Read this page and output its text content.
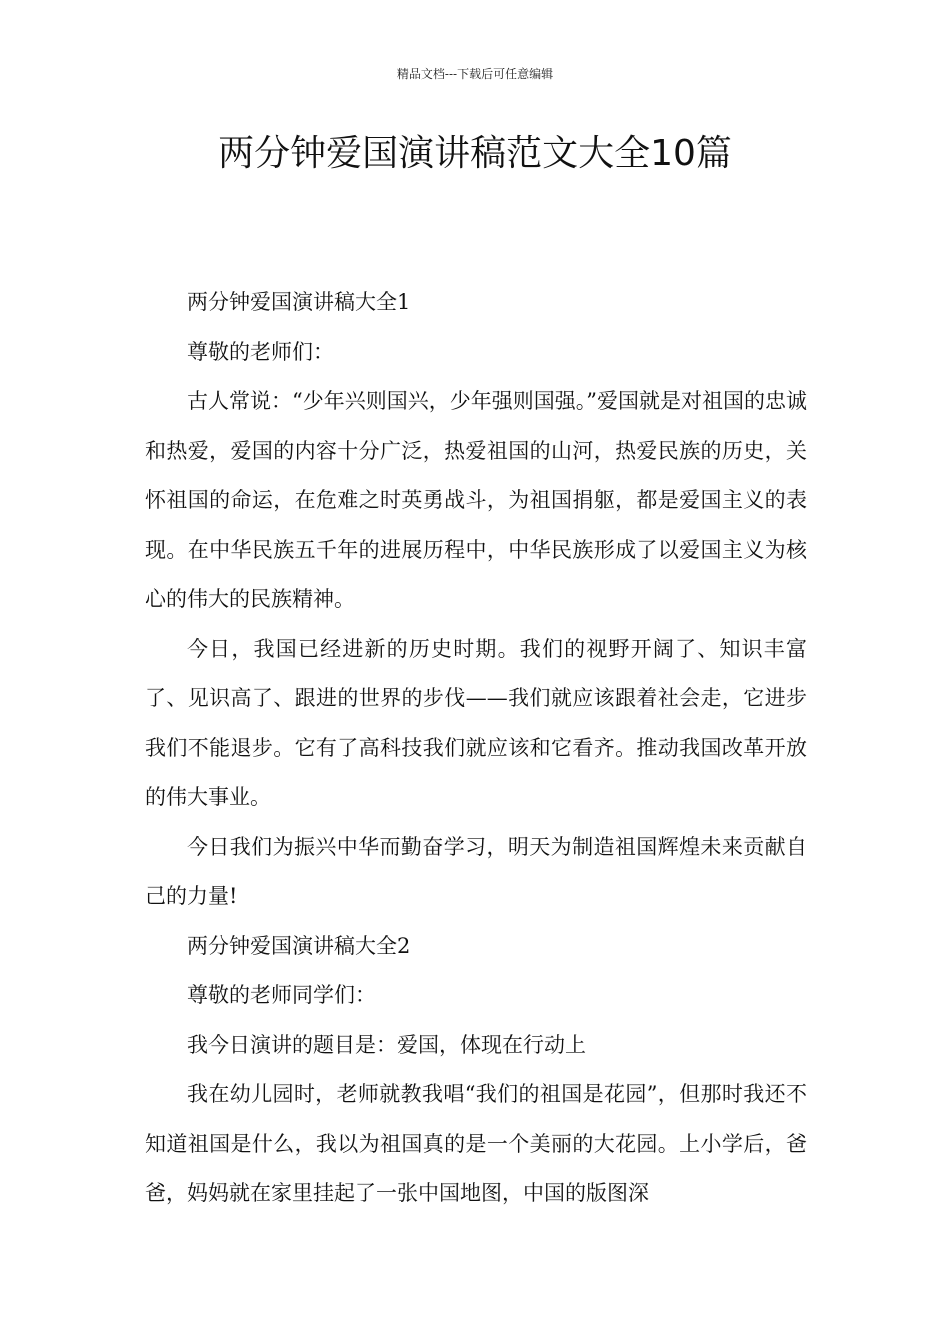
精品文档---下载后可任意编辑
两分钟爱国演讲稿范文大全10篇

两分钟爱国演讲稿大全1

尊敬的老师们：

古人常说：“少年兴则国兴，少年强则国强。”爱国就是对祖国的忠诚和热爱，爱国的内容十分广泛，热爱祖国的山河，热爱民族的历史，关怀祖国的命运，在危难之时英勇战斗，为祖国捐躯，都是爱国主义的表现。在中华民族五千年的进展历程中，中华民族形成了以爱国主义为核心的伟大的民族精神。

今日，我国已经进新的历史时期。我们的视野开阔了、知识丰富了、见识高了、跟进的世界的步伐——我们就应该跟着社会走，它进步我们不能退步。它有了高科技我们就应该和它看齐。推动我国改革开放的伟大事业。

今日我们为振兴中华而勤奋学习，明天为制造祖国辉煌未来贡献自己的力量!

两分钟爱国演讲稿大全2

尊敬的老师同学们：

我今日演讲的题目是：爱国，体现在行动上

我在幼儿园时，老师就教我唱“我们的祖国是花园”，但那时我还不知道祖国是什么，我以为祖国真的是一个美丽的大花园。上小学后，爸爸，妈妈就在家里挂起了一张中国地图，中国的版图深
